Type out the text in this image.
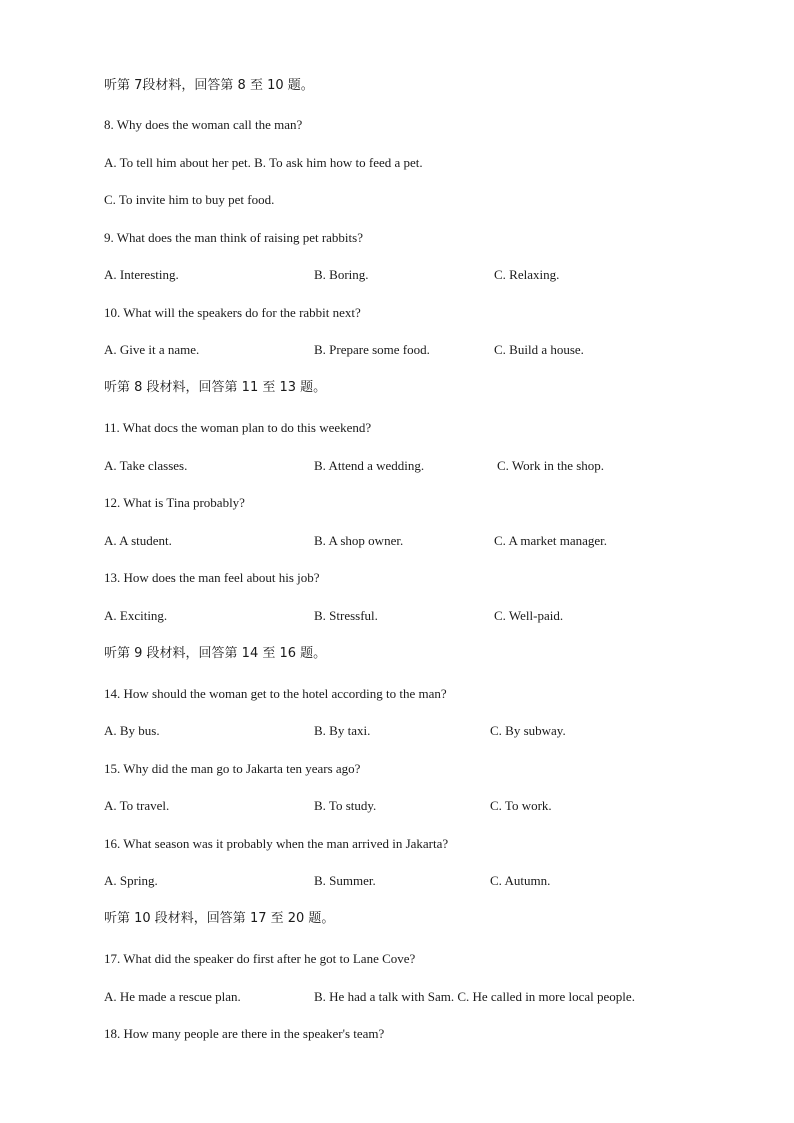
听第 7段材料，回答第 8 至 10 题。
8. Why does the woman call the man?
A. To tell him about her pet. B. To ask him how to feed a pet.
C. To invite him to buy pet food.
9. What does the man think of raising pet rabbits?
A. Interesting.	B. Boring.	C. Relaxing.
10. What will the speakers do for the rabbit next?
A. Give it a name.	B. Prepare some food.	C. Build a house.
听第 8 段材料，回答第 11 至 13 题。
11. What docs the woman plan to do this weekend?
A. Take classes.	B. Attend a wedding.	C. Work in the shop.
12. What is Tina probably?
A. A student.	B. A shop owner.	C. A market manager.
13. How does the man feel about his job?
A. Exciting.	B. Stressful.	C. Well-paid.
听第 9 段材料，回答第 14 至 16 题。
14. How should the woman get to the hotel according to the man?
A. By bus.	B. By taxi.	C. By subway.
15. Why did the man go to Jakarta ten years ago?
A. To travel.	B. To study.	C. To work.
16. What season was it probably when the man arrived in Jakarta?
A. Spring.	B. Summer.	C. Autumn.
听第 10 段材料，回答第 17 至 20 题。
17. What did the speaker do first after he got to Lane Cove?
A. He made a rescue plan.	B. He had a talk with Sam. C. He called in more local people.
18. How many people are there in the speaker's team?
